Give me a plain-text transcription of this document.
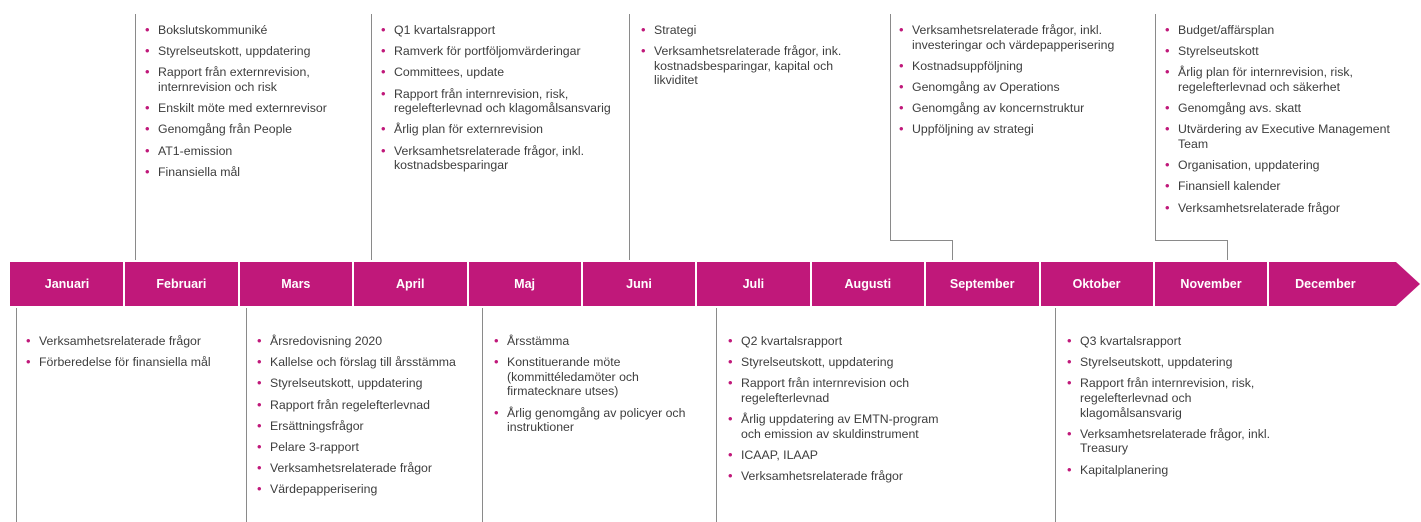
• Bokslutskommuniké
• Styrelseutskott, uppdatering
• Rapport från externrevision, internrevision och risk
• Enskilt möte med externrevisor
• Genomgång från People
• AT1-emission
• Finansiella mål
• Q1 kvartalsrapport
• Ramverk för portföljomvärderingar
• Committees, update
• Rapport från internrevision, risk, regelefterlevnad och klagomålsansvarig
• Årlig plan för externrevision
• Verksamhetsrelaterade frågor, inkl. kostnadsbesparingar
• Strategi
• Verksamhetsrelaterade frågor, ink. kostnadsbesparingar, kapital och likviditet
• Verksamhetsrelaterade frågor, inkl. investeringar och värdepapperisering
• Kostnadsuppföljning
• Genomgång av Operations
• Genomgång av koncernstruktur
• Uppföljning av strategi
• Budget/affärsplan
• Styrelseutskott
• Årlig plan för internrevision, risk, regelefterlevnad och säkerhet
• Genomgång avs. skatt
• Utvärdering av Executive Management Team
• Organisation, uppdatering
• Finansiell kalender
• Verksamhetsrelaterade frågor
Januari	Februari	Mars	April	Maj	Juni	Juli	Augusti	September	Oktober	November	December
• Verksamhetsrelaterade frågor
• Förberedelse för finansiella mål
• Årsredovisning 2020
• Kallelse och förslag till årsstämma
• Styrelseutskott, uppdatering
• Rapport från regelefterlevnad
• Ersättningsfrågor
• Pelare 3-rapport
• Verksamhetsrelaterade frågor
• Värdepapperisering
• Årsstämma
• Konstituerande möte (kommittéledamöter och firmatecknare utses)
• Årlig genomgång av policyer och instruktioner
• Q2 kvartalsrapport
• Styrelseutskott, uppdatering
• Rapport från internrevision och regelefterlevnad
• Årlig uppdatering av EMTN-program och emission av skuldinstrument
• ICAAP, ILAAP
• Verksamhetsrelaterade frågor
• Q3 kvartalsrapport
• Styrelseutskott, uppdatering
• Rapport från internrevision, risk, regelefterlevnad och klagomålsansvarig
• Verksamhetsrelaterade frågor, inkl. Treasury
• Kapitalplanering
